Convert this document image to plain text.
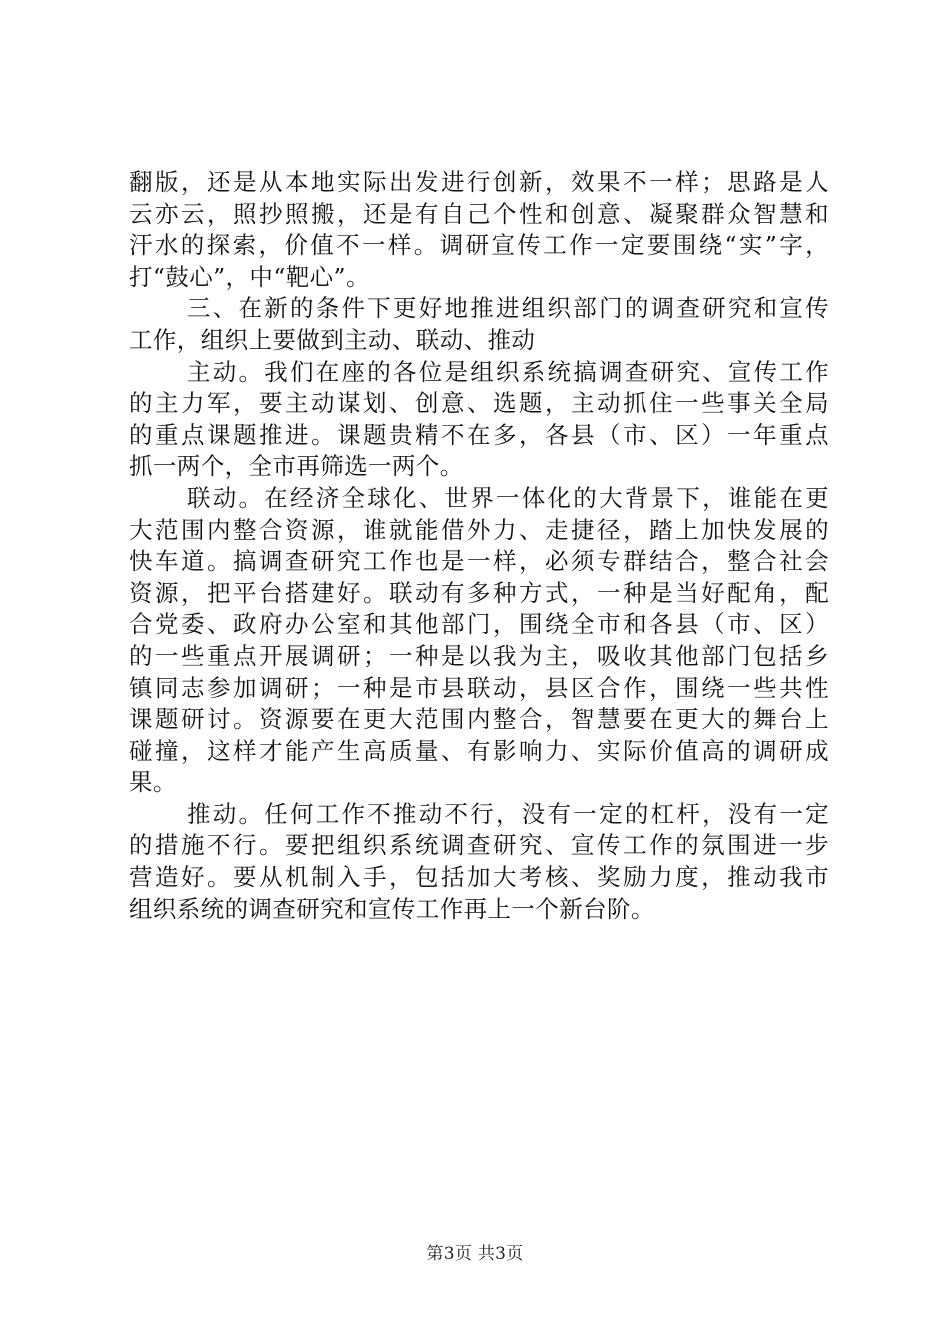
翻版，还是从本地实际出发进行创新，效果不一样；思路是人
云亦云，照抄照搬，还是有自己个性和创意、凝聚群众智慧和
汗水的探索，价值不一样。调研宣传工作一定要围绕“实”字，
打“鼓心”，中“靶心”。
三、在新的条件下更好地推进组织部门的调查研究和宣传
工作，组织上要做到主动、联动、推动
主动。我们在座的各位是组织系统搞调查研究、宣传工作
的主力军，要主动谋划、创意、选题，主动抓住一些事关全局
的重点课题推进。课题贵精不在多，各县（市、区）一年重点
抓一两个，全市再筛选一两个。
联动。在经济全球化、世界一体化的大背景下，谁能在更
大范围内整合资源，谁就能借外力、走捷径，踏上加快发展的
快车道。搞调查研究工作也是一样，必须专群结合，整合社会
资源，把平台搭建好。联动有多种方式，一种是当好配角，配
合党委、政府办公室和其他部门，围绕全市和各县（市、区）
的一些重点开展调研；一种是以我为主，吸收其他部门包括乡
镇同志参加调研；一种是市县联动，县区合作，围绕一些共性
课题研讨。资源要在更大范围内整合，智慧要在更大的舞台上
碰撞，这样才能产生高质量、有影响力、实际价值高的调研成
果。
推动。任何工作不推动不行，没有一定的杠杆，没有一定
的措施不行。要把组织系统调查研究、宣传工作的氛围进一步
营造好。要从机制入手，包括加大考核、奖励力度，推动我市
组织系统的调查研究和宣传工作再上一个新台阶。
第3页 共3页
